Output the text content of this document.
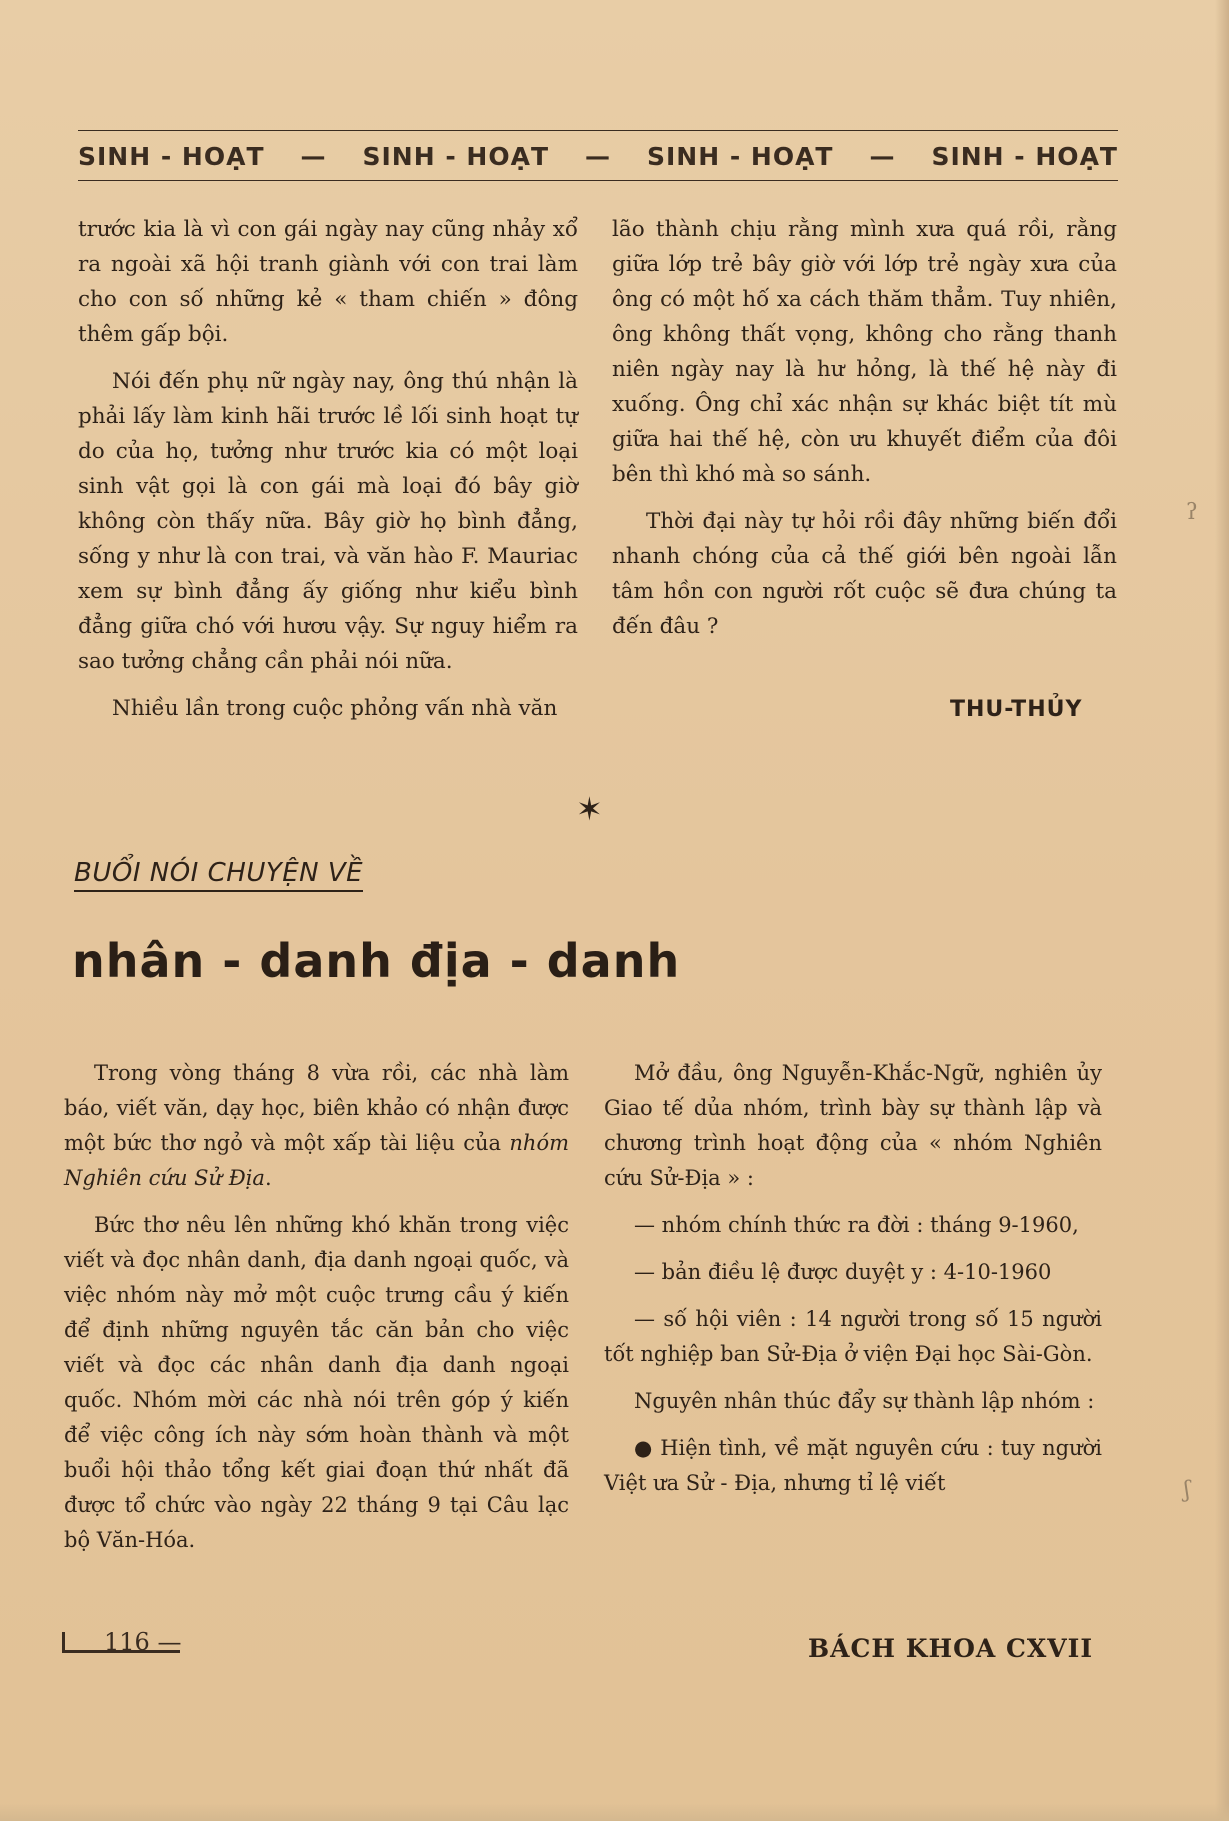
SINH - HOẠT — SINH - HOẠT — SINH - HOẠT — SINH - HOẠT

trước kia là vì con gái ngày nay cũng nhảy xổ ra ngoài xã hội tranh giành với con trai làm cho con số những kẻ « tham chiến » đông thêm gấp bội.

Nói đến phụ nữ ngày nay, ông thú nhận là phải lấy làm kinh hãi trước lề lối sinh hoạt tự do của họ, tưởng như trước kia có một loại sinh vật gọi là con gái mà loại đó bây giờ không còn thấy nữa. Bây giờ họ bình đẳng, sống y như là con trai, và văn hào F. Mauriac xem sự bình đẳng ấy giống như kiểu bình đẳng giữa chó với hươu vậy. Sự nguy hiểm ra sao tưởng chẳng cần phải nói nữa.

Nhiều lần trong cuộc phỏng vấn nhà văn

lão thành chịu rằng mình xưa quá rồi, rằng giữa lớp trẻ bây giờ với lớp trẻ ngày xưa của ông có một hố xa cách thăm thẳm. Tuy nhiên, ông không thất vọng, không cho rằng thanh niên ngày nay là hư hỏng, là thế hệ này đi xuống. Ông chỉ xác nhận sự khác biệt tít mù giữa hai thế hệ, còn ưu khuyết điểm của đôi bên thì khó mà so sánh.

Thời đại này tự hỏi rồi đây những biến đổi nhanh chóng của cả thế giới bên ngoài lẫn tâm hồn con người rốt cuộc sẽ đưa chúng ta đến đâu ?

THU-THỦY
✶
BUỔI NÓI CHUYỆN VỀ
nhân - danh địa - danh

Trong vòng tháng 8 vừa rồi, các nhà làm báo, viết văn, dạy học, biên khảo có nhận được một bức thơ ngỏ và một xấp tài liệu của nhóm Nghiên cứu Sử Địa.

Bức thơ nêu lên những khó khăn trong việc viết và đọc nhân danh, địa danh ngoại quốc, và việc nhóm này mở một cuộc trưng cầu ý kiến để định những nguyên tắc căn bản cho việc viết và đọc các nhân danh địa danh ngoại quốc. Nhóm mời các nhà nói trên góp ý kiến để việc công ích này sớm hoàn thành và một buổi hội thảo tổng kết giai đoạn thứ nhất đã được tổ chức vào ngày 22 tháng 9 tại Câu lạc bộ Văn-Hóa.

Mở đầu, ông Nguyễn-Khắc-Ngữ, nghiên ủy Giao tế dủa nhóm, trình bày sự thành lập và chương trình hoạt động của « nhóm Nghiên cứu Sử-Địa » :

— nhóm chính thức ra đời : tháng 9-1960,

— bản điều lệ được duyệt y : 4-10-1960

— số hội viên : 14 người trong số 15 người tốt nghiệp ban Sử-Địa ở viện Đại học Sài-Gòn.

Nguyên nhân thúc đẩy sự thành lập nhóm :

● Hiện tình, về mặt nguyên cứu : tuy người Việt ưa Sử - Địa, nhưng tỉ lệ viết

116 —	BÁCH KHOA CXVII
ʔ
ʃ
